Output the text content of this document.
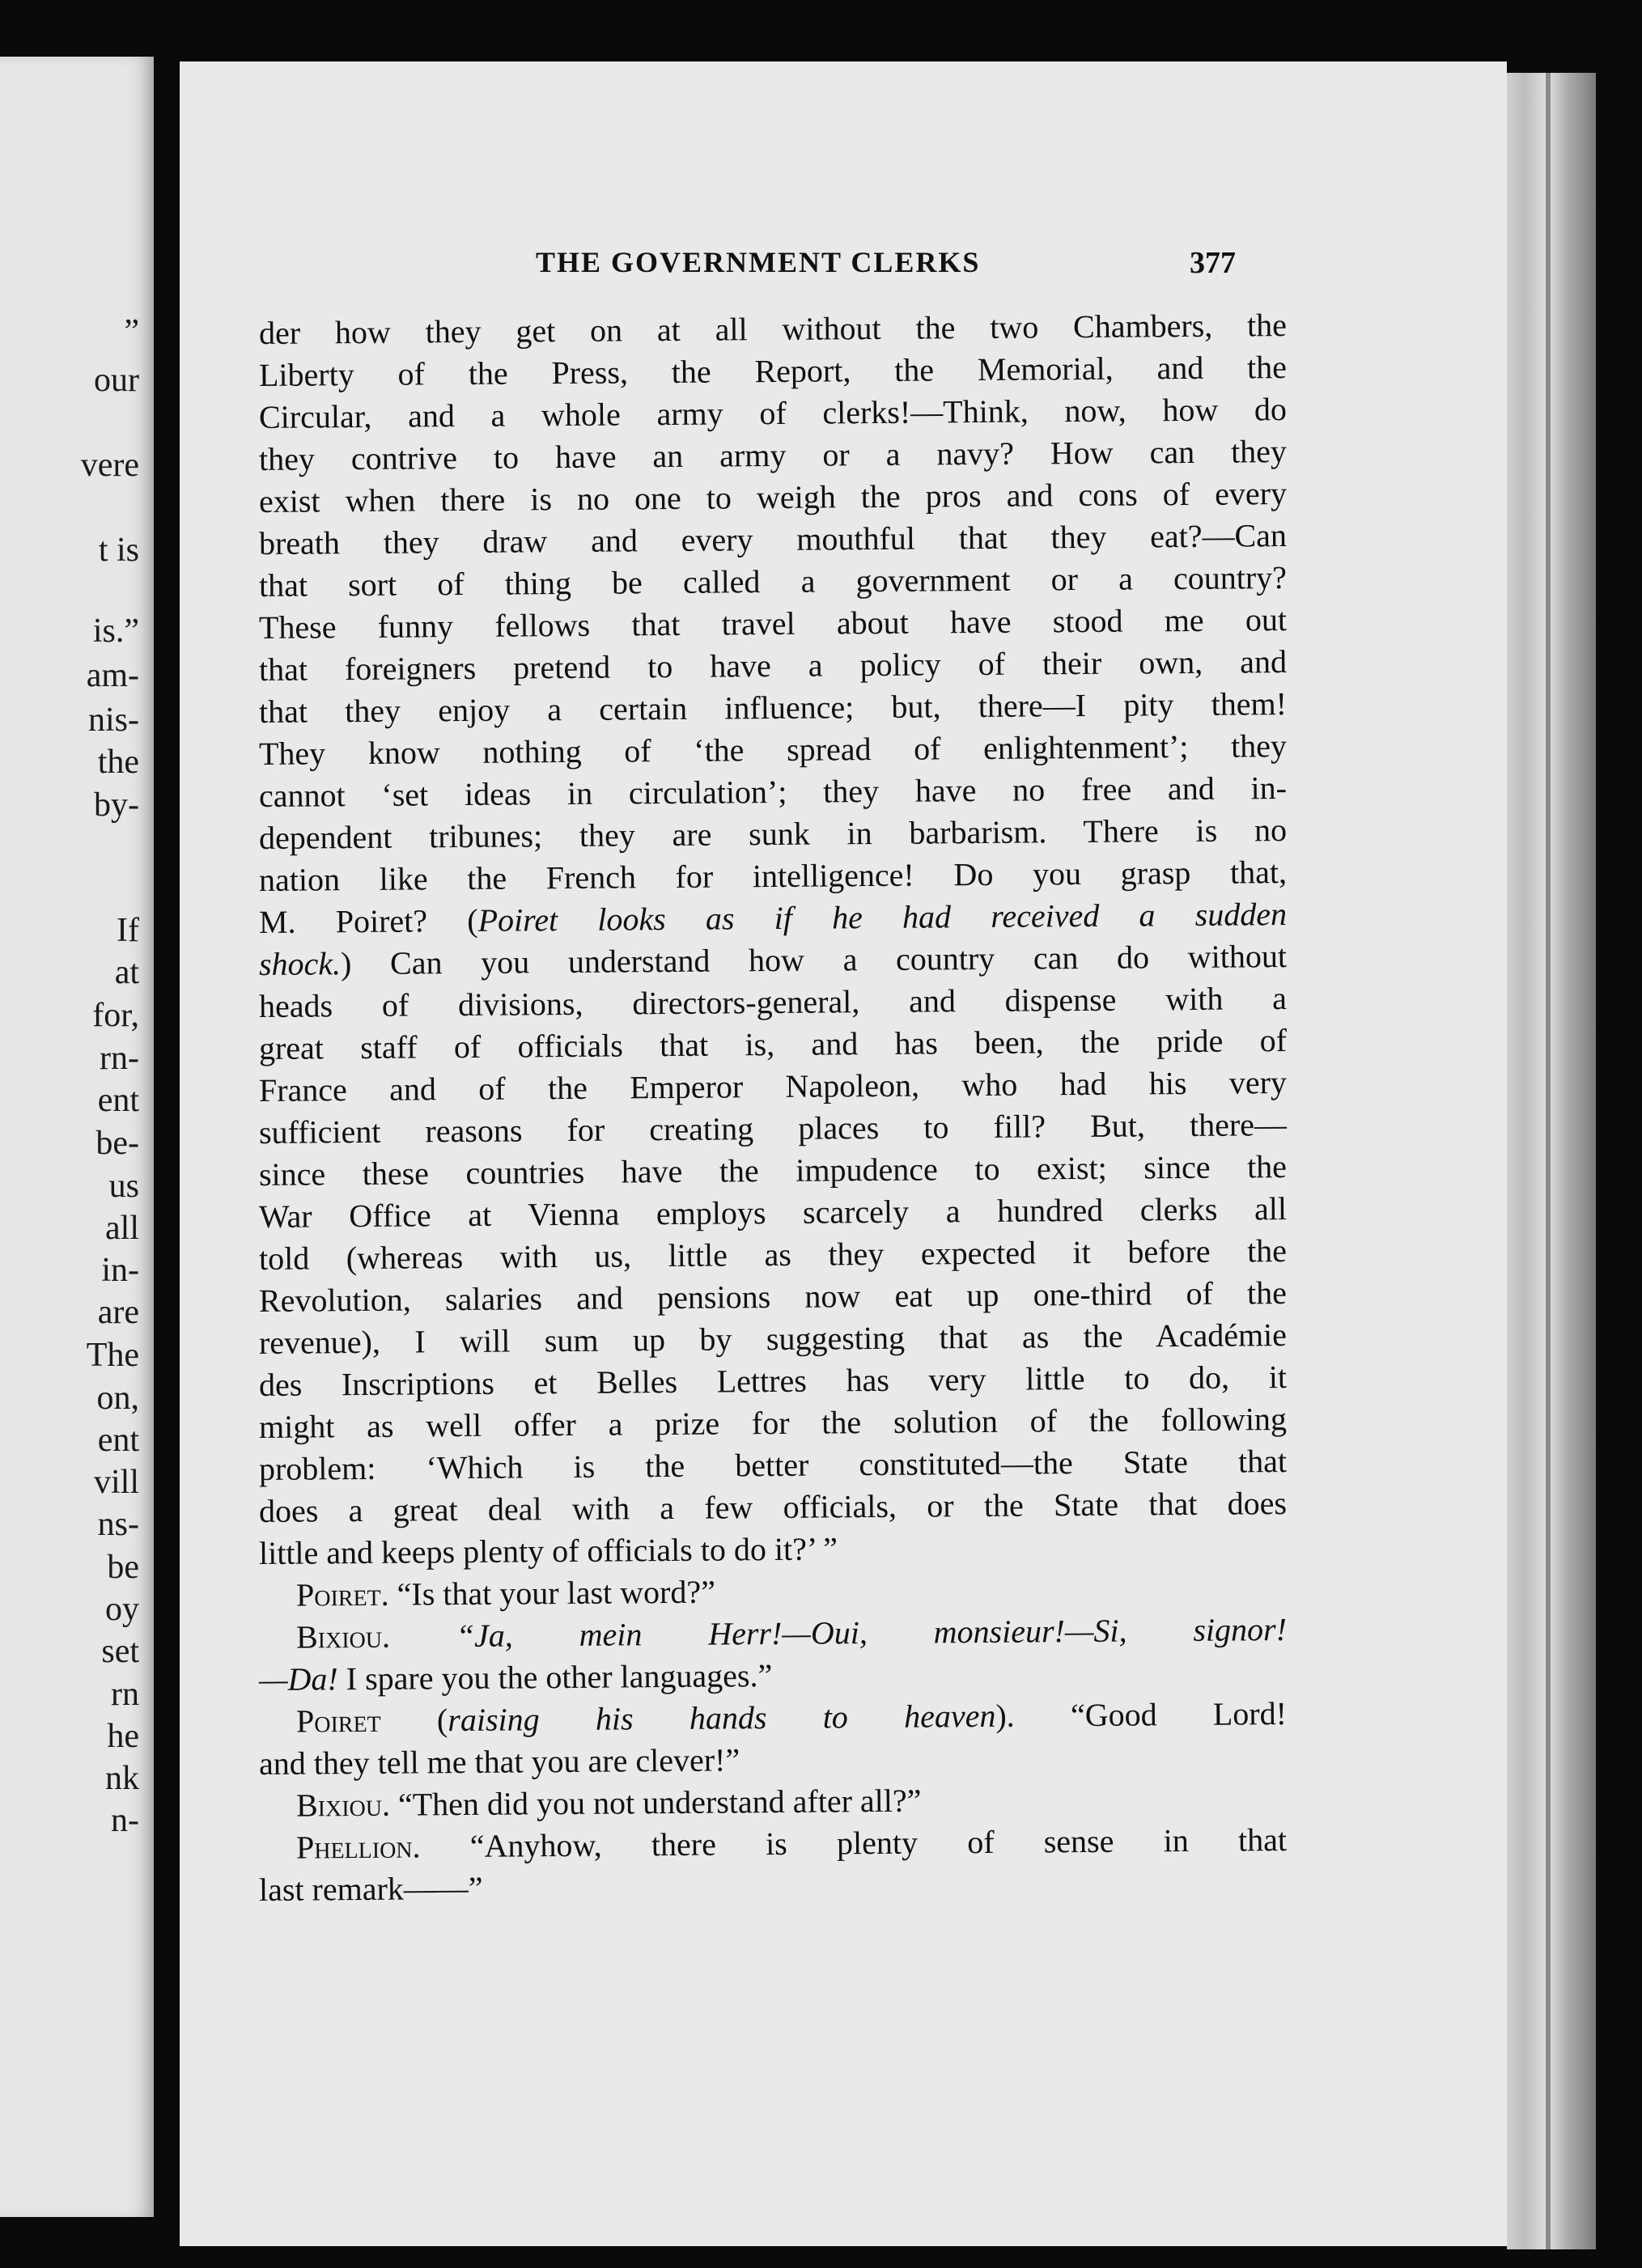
”
our
vere
t is
is.”
am-
nis-
the
by-
If
at
for,
rn-
ent
be-
us
all
in-
are
The
on,
ent
vill
ns-
be
oy
set
rn
he
nk
n-
THE GOVERNMENT CLERKS	377
der how they get on at all without the two Chambers, the
Liberty of the Press, the Report, the Memorial, and the
Circular, and a whole army of clerks!—Think, now, how do
they contrive to have an army or a navy? How can they
exist when there is no one to weigh the pros and cons of every
breath they draw and every mouthful that they eat?—Can
that sort of thing be called a government or a country?
These funny fellows that travel about have stood me out
that foreigners pretend to have a policy of their own, and
that they enjoy a certain influence; but, there—I pity them!
They know nothing of ‘the spread of enlightenment’; they
cannot ‘set ideas in circulation’; they have no free and in-
dependent tribunes; they are sunk in barbarism. There is no
nation like the French for intelligence! Do you grasp that,
M. Poiret? (Poiret looks as if he had received a sudden
shock.) Can you understand how a country can do without
heads of divisions, directors-general, and dispense with a
great staff of officials that is, and has been, the pride of
France and of the Emperor Napoleon, who had his very
sufficient reasons for creating places to fill? But, there—
since these countries have the impudence to exist; since the
War Office at Vienna employs scarcely a hundred clerks all
told (whereas with us, little as they expected it before the
Revolution, salaries and pensions now eat up one-third of the
revenue), I will sum up by suggesting that as the Académie
des Inscriptions et Belles Lettres has very little to do, it
might as well offer a prize for the solution of the following
problem: ‘Which is the better constituted—the State that
does a great deal with a few officials, or the State that does
little and keeps plenty of officials to do it?’ ”
Poiret. “Is that your last word?”
Bixiou. “Ja, mein Herr!—Oui, monsieur!—Si, signor!
—Da! I spare you the other languages.”
Poiret (raising his hands to heaven). “Good Lord!
and they tell me that you are clever!”
Bixiou. “Then did you not understand after all?”
Phellion. “Anyhow, there is plenty of sense in that
last remark——”
